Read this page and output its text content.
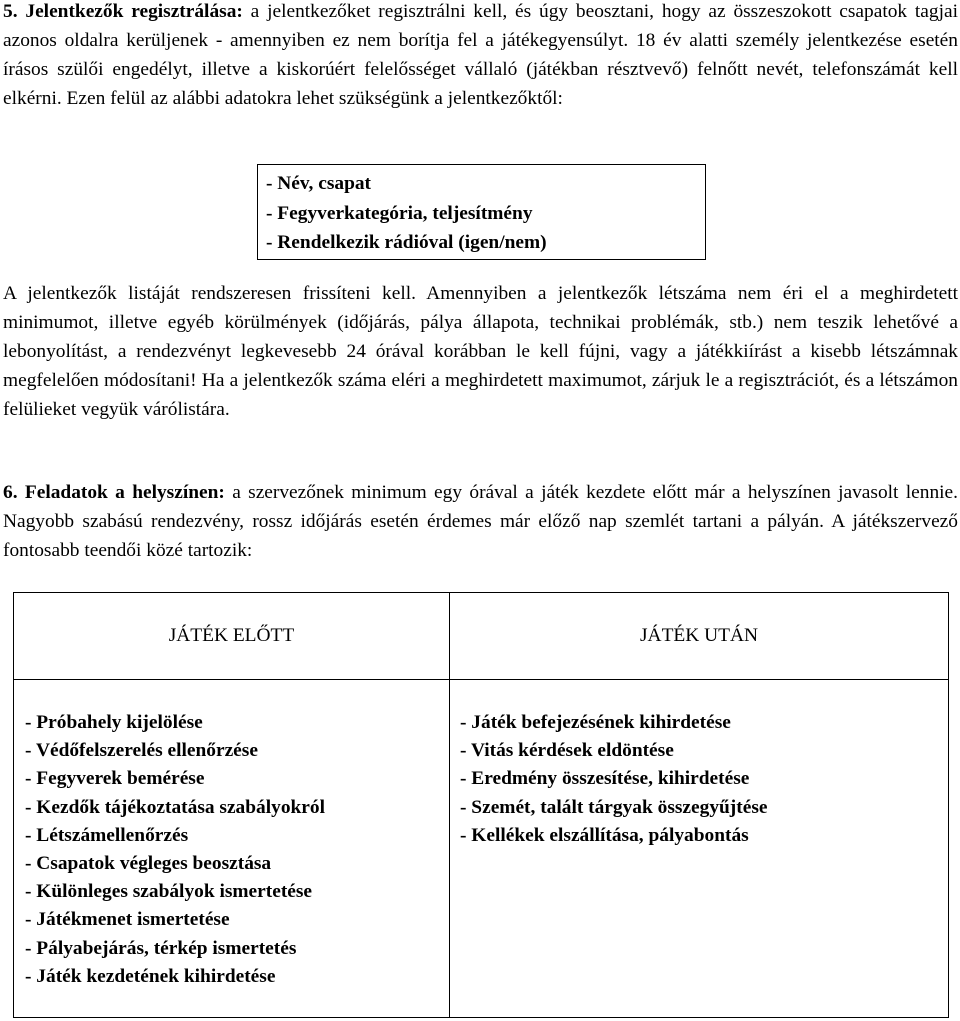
5. Jelentkezők regisztrálása: a jelentkezőket regisztrálni kell, és úgy beosztani, hogy az összeszokott csapatok tagjai azonos oldalra kerüljenek - amennyiben ez nem borítja fel a játékegyensúlyt. 18 év alatti személy jelentkezése esetén írásos szülői engedélyt, illetve a kiskorúért felelősséget vállaló (játékban résztvevő) felnőtt nevét, telefonszámát kell elkérni. Ezen felül az alábbi adatokra lehet szükségünk a jelentkezőktől:

- Név, csapat
- Fegyverkategória, teljesítmény
- Rendelkezik rádióval (igen/nem)

A jelentkezők listáját rendszeresen frissíteni kell. Amennyiben a jelentkezők létszáma nem éri el a meghirdetett minimumot, illetve egyéb körülmények (időjárás, pálya állapota, technikai problémák, stb.) nem teszik lehetővé a lebonyolítást, a rendezvényt legkevesebb 24 órával korábban le kell fújni, vagy a játékkiírást a kisebb létszámnak megfelelően módosítani! Ha a jelentkezők száma eléri a meghirdetett maximumot, zárjuk le a regisztrációt, és a létszámon felülieket vegyük várólistára.

6. Feladatok a helyszínen: a szervezőnek minimum egy órával a játék kezdete előtt már a helyszínen javasolt lennie. Nagyobb szabású rendezvény, rossz időjárás esetén érdemes már előző nap szemlét tartani a pályán. A játékszervező fontosabb teendői közé tartozik:

JÁTÉK ELŐTT	JÁTÉK UTÁN
- Próbahely kijelölése
- Védőfelszerelés ellenőrzése
- Fegyverek bemérése
- Kezdők tájékoztatása szabályokról
- Létszámellenőrzés
- Csapatok végleges beosztása
- Különleges szabályok ismertetése
- Játékmenet ismertetése
- Pályabejárás, térkép ismertetés
- Játék kezdetének kihirdetése
- Játék befejezésének kihirdetése
- Vitás kérdések eldöntése
- Eredmény összesítése, kihirdetése
- Szemét, talált tárgyak összegyűjtése
- Kellékek elszállítása, pályabontás
